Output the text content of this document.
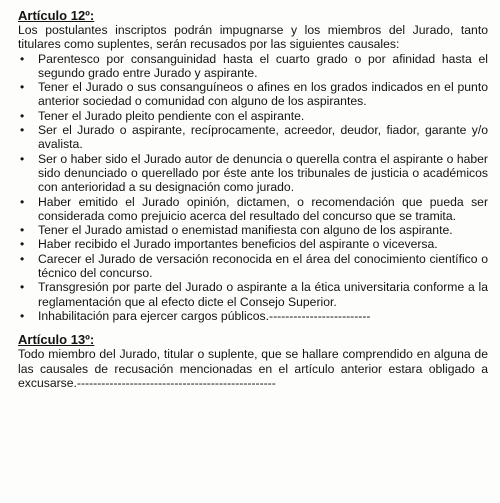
Artículo 12º:

Los postulantes inscriptos podrán impugnarse y los miembros del Jurado, tanto titulares como suplentes, serán recusados por las siguientes causales:

• Parentesco por consanguinidad hasta el cuarto grado o por afinidad hasta el segundo grado entre Jurado y aspirante.
• Tener el Jurado o sus consanguíneos o afines en los grados indicados en el punto anterior sociedad o comunidad con alguno de los aspirantes.
• Tener el Jurado pleito pendiente con el aspirante.
• Ser el Jurado o aspirante, recíprocamente, acreedor, deudor, fiador, garante y/o avalista.
• Ser o haber sido el Jurado autor de denuncia o querella contra el aspirante o haber sido denunciado o querellado por éste ante los tribunales de justicia o académicos con anterioridad a su designación como jurado.
• Haber emitido el Jurado opinión, dictamen, o recomendación que pueda ser considerada como prejuicio acerca del resultado del concurso que se tramita.
• Tener el Jurado amistad o enemistad manifiesta con alguno de los aspirante.
• Haber recibido el Jurado importantes beneficios del aspirante o viceversa.
• Carecer el Jurado de versación reconocida en el área del conocimiento científico o técnico del concurso.
• Transgresión por parte del Jurado o aspirante a la ética universitaria conforme a la reglamentación que al efecto dicte el Consejo Superior.
• Inhabilitación para ejercer cargos públicos.-------------------------

Artículo 13º:

Todo miembro del Jurado, titular o suplente, que se hallare comprendido en alguna de las causales de recusación mencionadas en el artículo anterior estara obligado a excusarse.-------------------------------------------------
